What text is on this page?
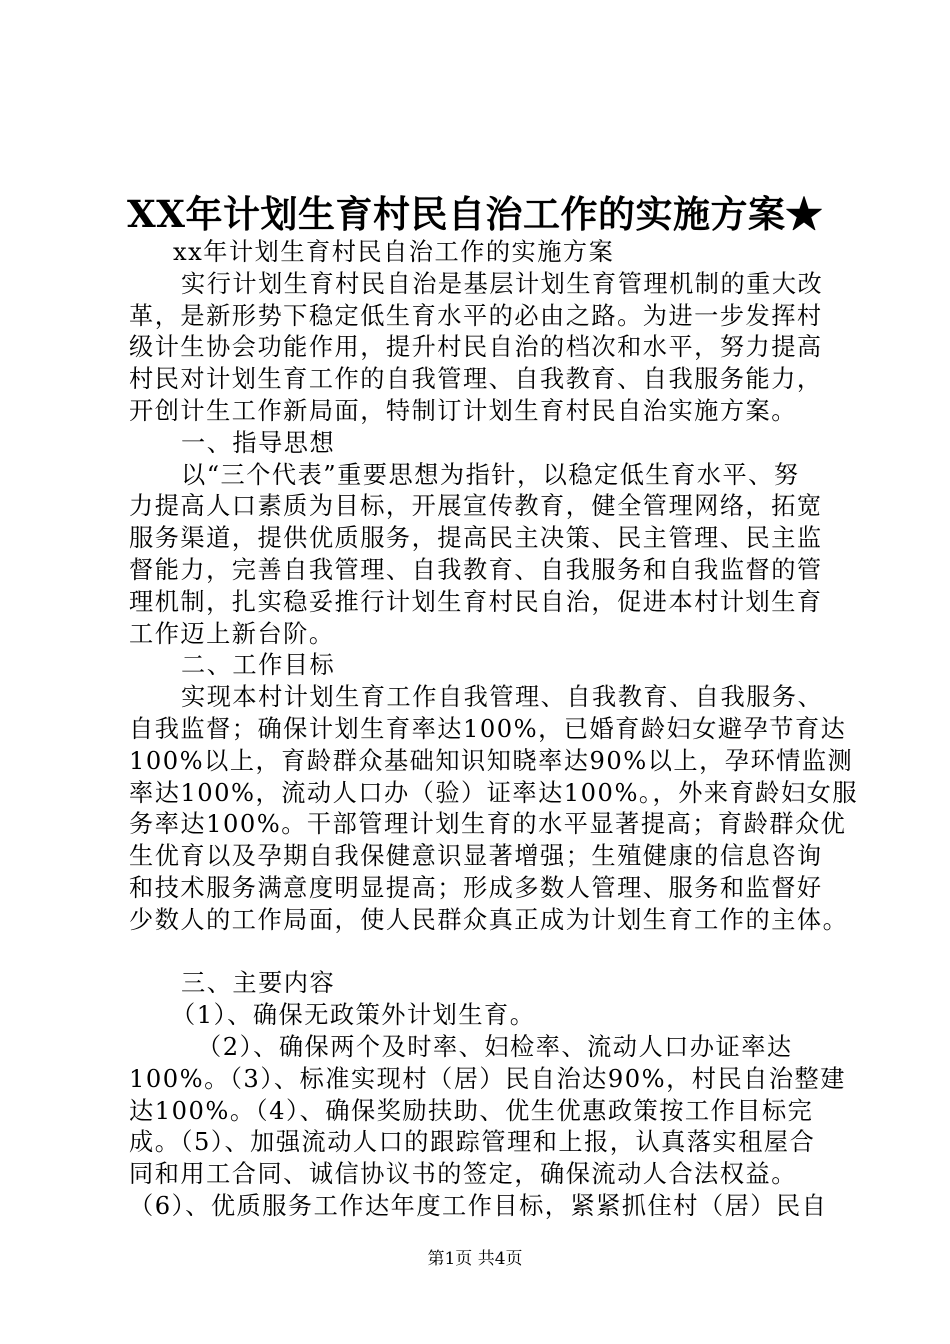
XX年计划生育村民自治工作的实施方案★
xx年计划生育村民自治工作的实施方案
实行计划生育村民自治是基层计划生育管理机制的重大改
革，是新形势下稳定低生育水平的必由之路。为进一步发挥村
级计生协会功能作用，提升村民自治的档次和水平，努力提高
村民对计划生育工作的自我管理、自我教育、自我服务能力，
开创计生工作新局面，特制订计划生育村民自治实施方案。
一、指导思想
以“三个代表”重要思想为指针，以稳定低生育水平、努
力提高人口素质为目标，开展宣传教育，健全管理网络，拓宽
服务渠道，提供优质服务，提高民主决策、民主管理、民主监
督能力，完善自我管理、自我教育、自我服务和自我监督的管
理机制，扎实稳妥推行计划生育村民自治，促进本村计划生育
工作迈上新台阶。
二、工作目标
实现本村计划生育工作自我管理、自我教育、自我服务、
自我监督；确保计划生育率达100%，已婚育龄妇女避孕节育达
100%以上，育龄群众基础知识知晓率达90%以上，孕环情监测
率达100%，流动人口办（验）证率达100%。，外来育龄妇女服
务率达100%。干部管理计划生育的水平显著提高；育龄群众优
生优育以及孕期自我保健意识显著增强；生殖健康的信息咨询
和技术服务满意度明显提高；形成多数人管理、服务和监督好
少数人的工作局面，使人民群众真正成为计划生育工作的主体。
三、主要内容
（1）、确保无政策外计划生育。
（2）、确保两个及时率、妇检率、流动人口办证率达
100%。（3）、标准实现村（居）民自治达90%，村民自治整建
达100%。（4）、确保奖励扶助、优生优惠政策按工作目标完
成。（5）、加强流动人口的跟踪管理和上报，认真落实租屋合
同和用工合同、诚信协议书的签定，确保流动人合法权益。
（6）、优质服务工作达年度工作目标，紧紧抓住村（居）民自
第1页 共4页
